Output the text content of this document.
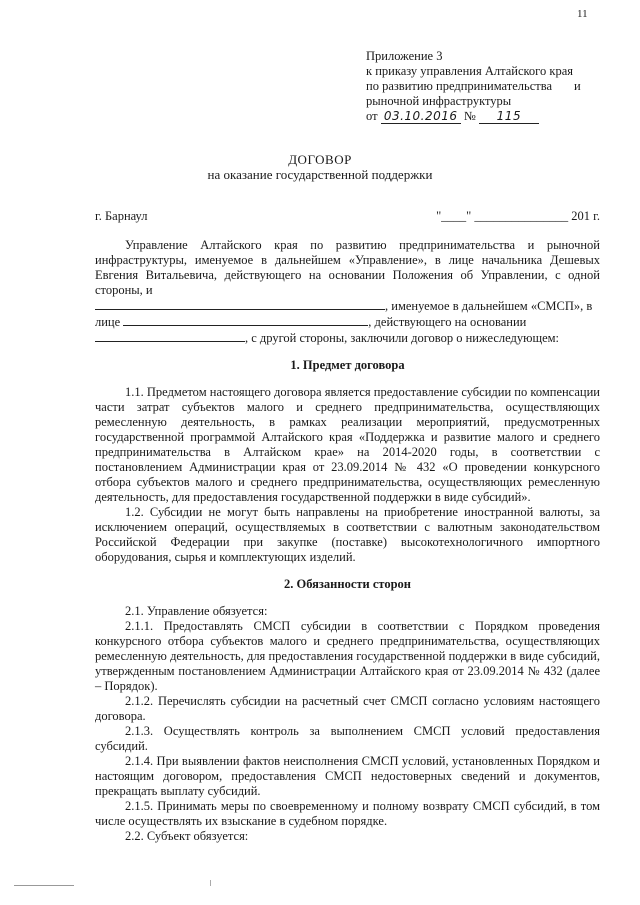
11
Приложение 3
к приказу управления Алтайского края
по развитию предпринимательства и
рыночной инфраструктуры
от 03.10.2016 № 115
ДОГОВОР
на оказание государственной поддержки
г. Барнаул	"____" _______________ 201 г.

Управление Алтайского края по развитию предпринимательства и рыночной инфраструктуры, именуемое в дальнейшем «Управление», в лице начальника Дешевых Евгения Витальевича, действующего на основании Положения об Управлении, с одной стороны, и

, именуемое в дальнейшем «СМСП», в

лице	, действующего на основании

, с другой стороны, заключили договор о нижеследующем:

1. Предмет договора

1.1. Предметом настоящего договора является предоставление субсидии по компенсации части затрат субъектов малого и среднего предпринимательства, осуществляющих ремесленную деятельность, в рамках реализации мероприятий, предусмотренных государственной программой Алтайского края «Поддержка и развитие малого и среднего предпринимательства в Алтайском крае» на 2014-2020 годы, в соответствии с постановлением Администрации края от 23.09.2014 № 432 «О проведении конкурсного отбора субъектов малого и среднего предпринимательства, осуществляющих ремесленную деятельность, для предоставления государственной поддержки в виде субсидий».

1.2. Субсидии не могут быть направлены на приобретение иностранной валюты, за исключением операций, осуществляемых в соответствии с валютным законодательством Российской Федерации при закупке (поставке) высокотехнологичного импортного оборудования, сырья и комплектующих изделий.

2. Обязанности сторон

2.1. Управление обязуется:

2.1.1. Предоставлять СМСП субсидии в соответствии с Порядком проведения конкурсного отбора субъектов малого и среднего предпринимательства, осуществляющих ремесленную деятельность, для предоставления государственной поддержки в виде субсидий, утвержденным постановлением Администрации Алтайского края от 23.09.2014 № 432 (далее – Порядок).

2.1.2. Перечислять субсидии на расчетный счет СМСП согласно условиям настоящего договора.

2.1.3. Осуществлять контроль за выполнением СМСП условий предоставления субсидий.

2.1.4. При выявлении фактов неисполнения СМСП условий, установленных Порядком и настоящим договором, предоставления СМСП недостоверных сведений и документов, прекращать выплату субсидий.

2.1.5. Принимать меры по своевременному и полному возврату СМСП субсидий, в том числе осуществлять их взыскание в судебном порядке.

2.2. Субъект обязуется:
